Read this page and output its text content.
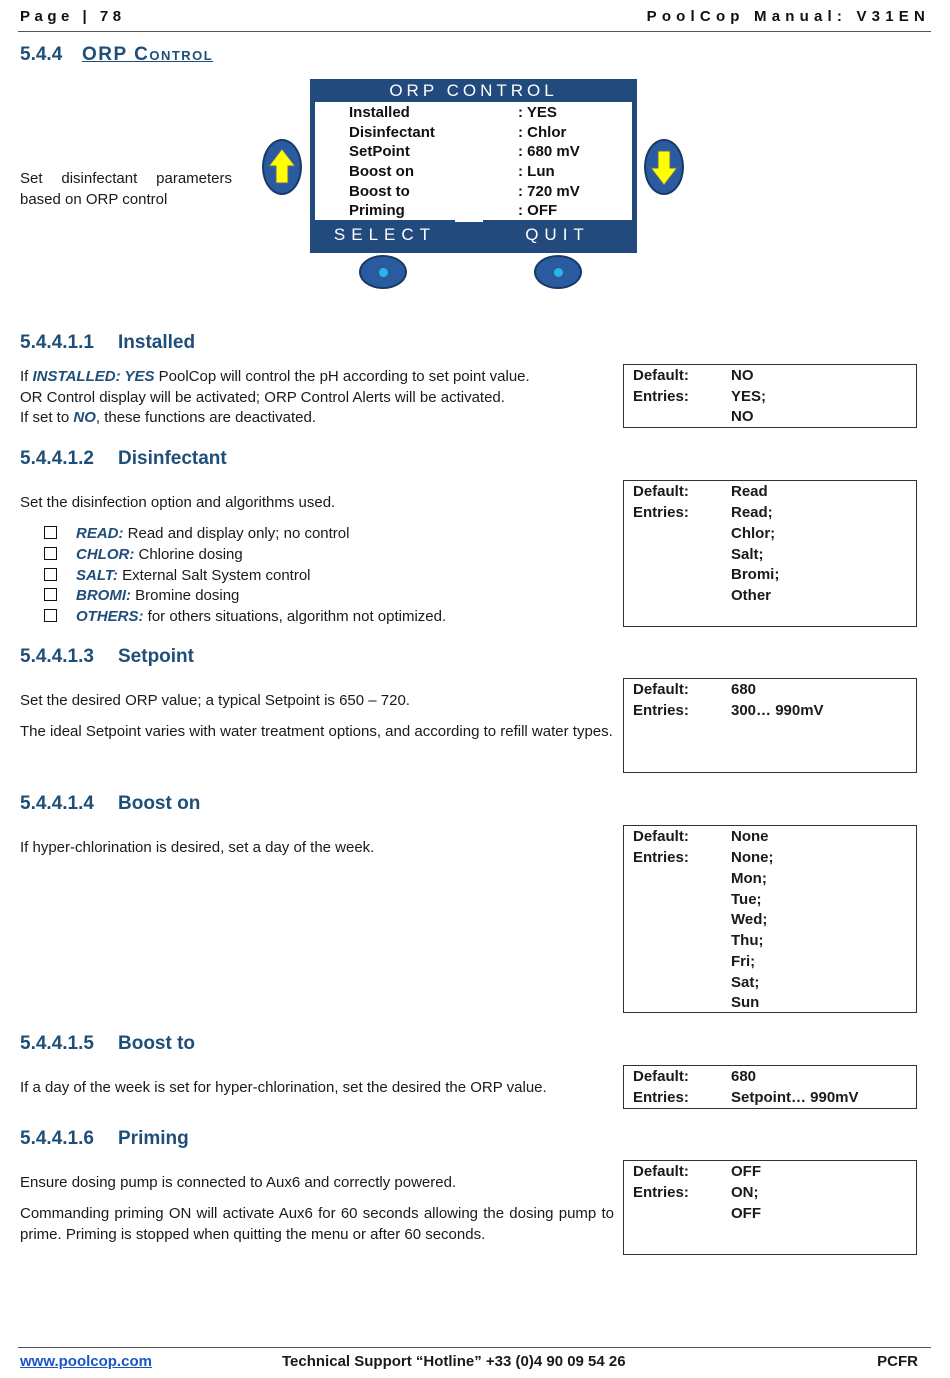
Page | 78	PoolCop Manual: V31EN
5.4.4 ORP Control
Set disinfectant parameters based on ORP control
ORP CONTROL
Installed	: YES
Disinfectant	: Chlor
SetPoint	: 680 mV
Boost on	: Lun
Boost to	: 720 mV
Priming	: OFF
SELECT	QUIT
5.4.4.1.1 Installed
If INSTALLED: YES PoolCop will control the pH according to set point value.
OR Control display will be activated; ORP Control Alerts will be activated.
If set to NO, these functions are deactivated.
Default:	NO
Entries:	YES;
NO
5.4.4.1.2 Disinfectant
Set the disinfection option and algorithms used.
READ: Read and display only; no control
CHLOR: Chlorine dosing
SALT: External Salt System control
BROMI: Bromine dosing
OTHERS: for others situations, algorithm not optimized.
Default:	Read
Entries:	Read;
Chlor;
Salt;
Bromi;
Other
5.4.4.1.3 Setpoint
Set the desired ORP value; a typical Setpoint is 650 – 720.
The ideal Setpoint varies with water treatment options, and according to refill water types.
Default:	680
Entries:	300… 990mV
5.4.4.1.4 Boost on
If hyper-chlorination is desired, set a day of the week.
Default:	None
Entries:	None;
Mon;
Tue;
Wed;
Thu;
Fri;
Sat;
Sun
5.4.4.1.5 Boost to
If a day of the week is set for hyper-chlorination, set the desired the ORP value.
Default:	680
Entries:	Setpoint… 990mV
5.4.4.1.6 Priming
Ensure dosing pump is connected to Aux6 and correctly powered.
Commanding priming ON will activate Aux6 for 60 seconds allowing the dosing pump to prime. Priming is stopped when quitting the menu or after 60 seconds.
Default:	OFF
Entries:	ON;
OFF
www.poolcop.com	Technical Support “Hotline” +33 (0)4 90 09 54 26	PCFR
